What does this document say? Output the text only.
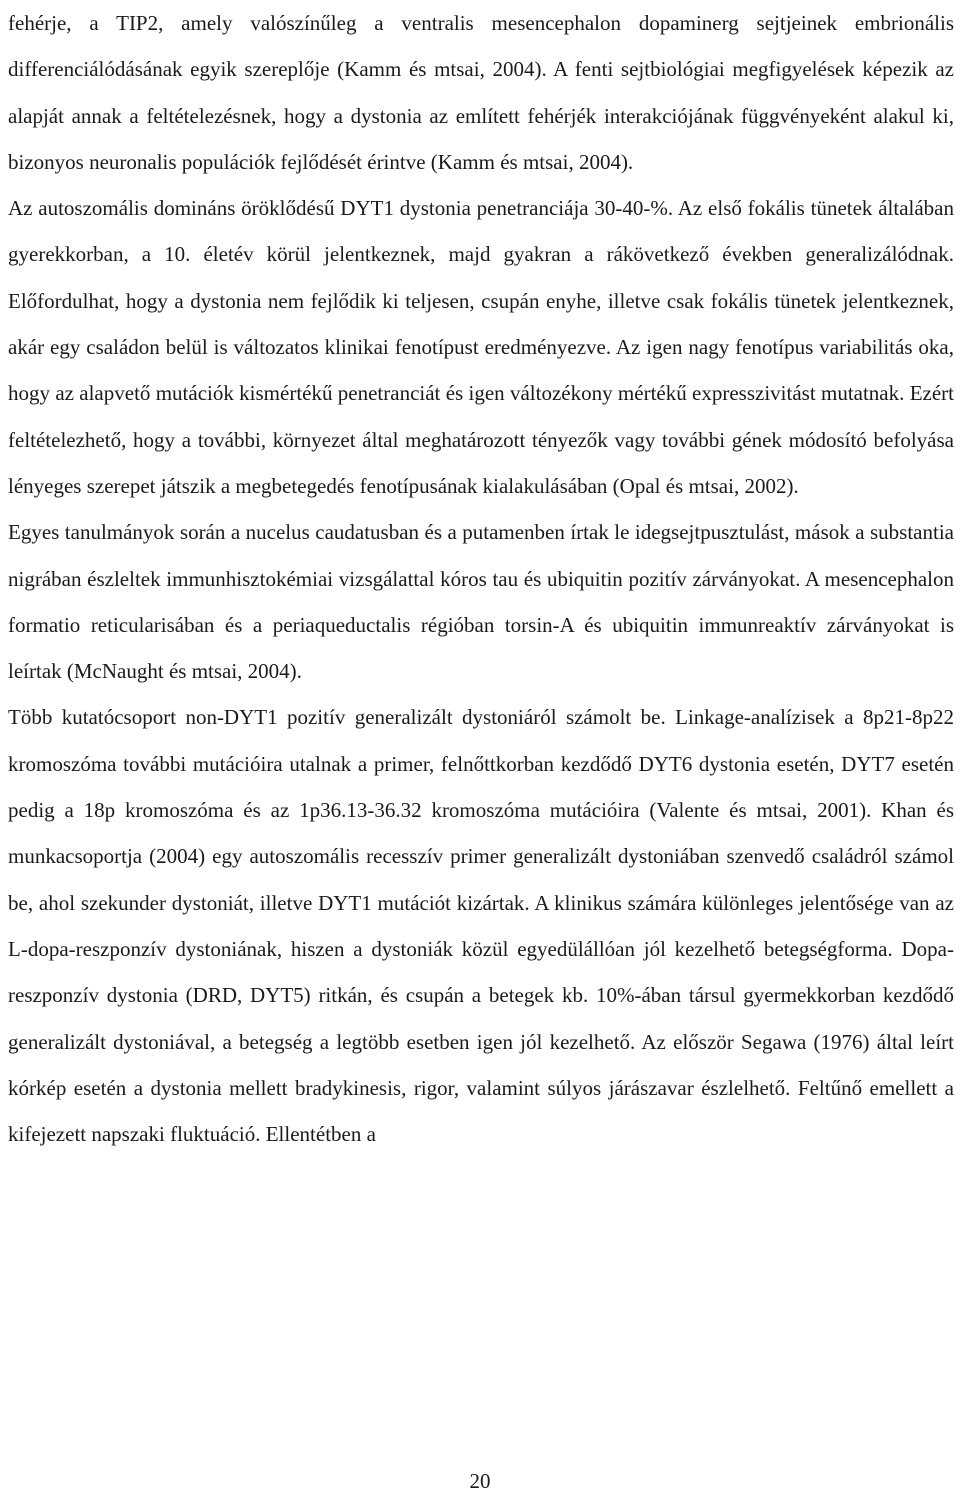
fehérje, a TIP2, amely valószínűleg a ventralis mesencephalon dopaminerg sejtjeinek embrionális differenciálódásának egyik szereplője (Kamm és mtsai, 2004). A fenti sejtbiológiai megfigyelések képezik az alapját annak a feltételezésnek, hogy a dystonia az említett fehérjék interakciójának függvényeként alakul ki, bizonyos neuronalis populációk fejlődését érintve (Kamm és mtsai, 2004).

Az autoszomális domináns öröklődésű DYT1 dystonia penetranciája 30-40-%. Az első fokális tünetek általában gyerekkorban, a 10. életév körül jelentkeznek, majd gyakran a rákövetkező években generalizálódnak. Előfordulhat, hogy a dystonia nem fejlődik ki teljesen, csupán enyhe, illetve csak fokális tünetek jelentkeznek, akár egy családon belül is változatos klinikai fenotípust eredményezve. Az igen nagy fenotípus variabilitás oka, hogy az alapvető mutációk kismértékű penetranciát és igen változékony mértékű expresszivitást mutatnak. Ezért feltételezhető, hogy a további, környezet által meghatározott tényezők vagy további gének módosító befolyása lényeges szerepet játszik a megbetegedés fenotípusának kialakulásában (Opal és mtsai, 2002).

Egyes tanulmányok során a nucelus caudatusban és a putamenben írtak le idegsejtpusztulást, mások a substantia nigrában észleltek immunhisztokémiai vizsgálattal kóros tau és ubiquitin pozitív zárványokat. A mesencephalon formatio reticularisában és a periaqueductalis régióban torsin-A és ubiquitin immunreaktív zárványokat is leírtak (McNaught és mtsai, 2004).

Több kutatócsoport non-DYT1 pozitív generalizált dystoniáról számolt be. Linkage-analízisek a 8p21-8p22 kromoszóma további mutációira utalnak a primer, felnőttkorban kezdődő DYT6 dystonia esetén, DYT7 esetén pedig a 18p kromoszóma és az 1p36.13-36.32 kromoszóma mutációira (Valente és mtsai, 2001). Khan és munkacsoportja (2004) egy autoszomális recesszív primer generalizált dystoniában szenvedő családról számol be, ahol szekunder dystoniát, illetve DYT1 mutációt kizártak. A klinikus számára különleges jelentősége van az L-dopa-reszponzív dystoniának, hiszen a dystoniák közül egyedülállóan jól kezelhető betegségforma. Dopa-reszponzív dystonia (DRD, DYT5) ritkán, és csupán a betegek kb. 10%-ában társul gyermekkorban kezdődő generalizált dystoniával, a betegség a legtöbb esetben igen jól kezelhető. Az először Segawa (1976) által leírt kórkép esetén a dystonia mellett bradykinesis, rigor, valamint súlyos járászavar észlelhető. Feltűnő emellett a kifejezett napszaki fluktuáció. Ellentétben a

20
